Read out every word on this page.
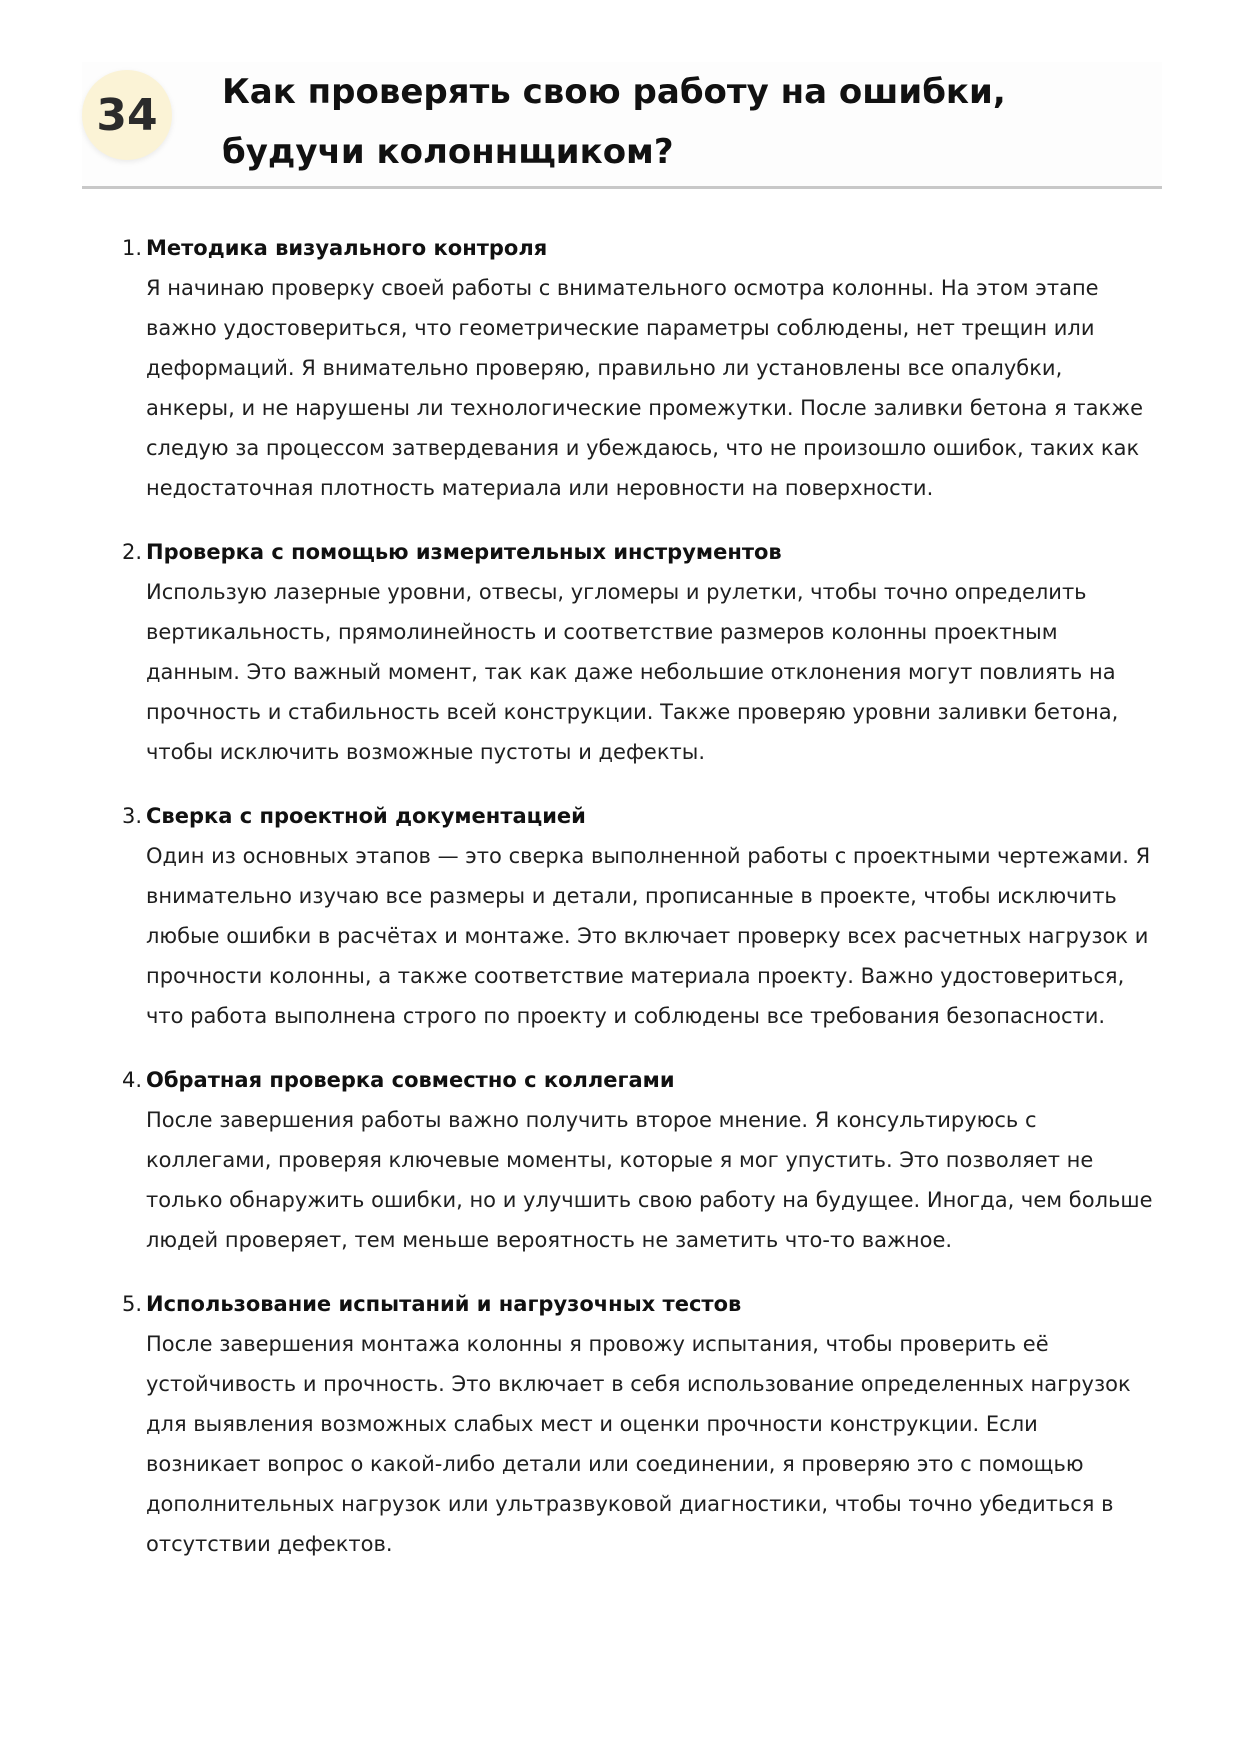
34	Как проверять свою работу на ошибки, будучи колоннщиком?
1. Методика визуального контроля
Я начинаю проверку своей работы с внимательного осмотра колонны. На этом этапе важно удостовериться, что геометрические параметры соблюдены, нет трещин или деформаций. Я внимательно проверяю, правильно ли установлены все опалубки, анкеры, и не нарушены ли технологические промежутки. После заливки бетона я также следую за процессом затвердевания и убеждаюсь, что не произошло ошибок, таких как недостаточная плотность материала или неровности на поверхности.
2. Проверка с помощью измерительных инструментов
Использую лазерные уровни, отвесы, угломеры и рулетки, чтобы точно определить вертикальность, прямолинейность и соответствие размеров колонны проектным данным. Это важный момент, так как даже небольшие отклонения могут повлиять на прочность и стабильность всей конструкции. Также проверяю уровни заливки бетона, чтобы исключить возможные пустоты и дефекты.
3. Сверка с проектной документацией
Один из основных этапов — это сверка выполненной работы с проектными чертежами. Я внимательно изучаю все размеры и детали, прописанные в проекте, чтобы исключить любые ошибки в расчётах и монтаже. Это включает проверку всех расчетных нагрузок и прочности колонны, а также соответствие материала проекту. Важно удостовериться, что работа выполнена строго по проекту и соблюдены все требования безопасности.
4. Обратная проверка совместно с коллегами
После завершения работы важно получить второе мнение. Я консультируюсь с коллегами, проверяя ключевые моменты, которые я мог упустить. Это позволяет не только обнаружить ошибки, но и улучшить свою работу на будущее. Иногда, чем больше людей проверяет, тем меньше вероятность не заметить что-то важное.
5. Использование испытаний и нагрузочных тестов
После завершения монтажа колонны я провожу испытания, чтобы проверить её устойчивость и прочность. Это включает в себя использование определенных нагрузок для выявления возможных слабых мест и оценки прочности конструкции. Если возникает вопрос о какой-либо детали или соединении, я проверяю это с помощью дополнительных нагрузок или ультразвуковой диагностики, чтобы точно убедиться в отсутствии дефектов.
